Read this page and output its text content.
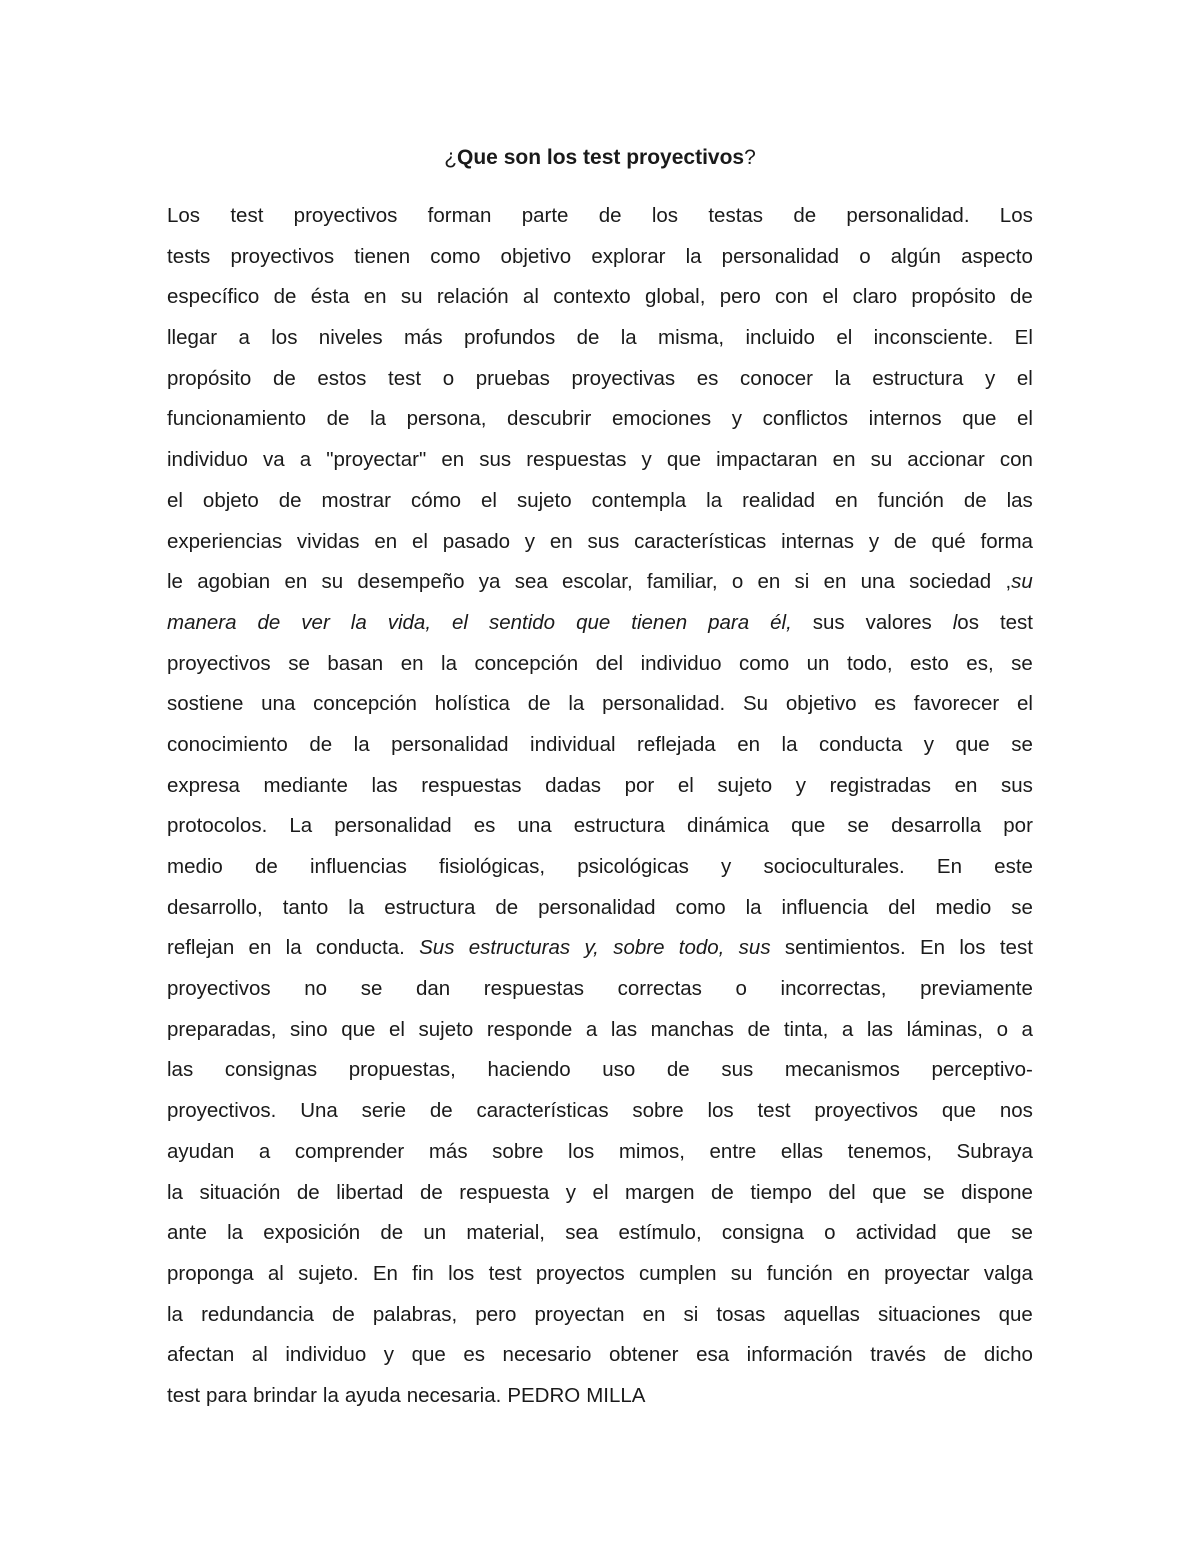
¿Que son los test proyectivos?
Los test proyectivos forman parte de los testas de personalidad. Los
tests proyectivos tienen como objetivo explorar la personalidad o algún aspecto
específico de ésta en su relación al contexto global, pero con el claro propósito de
llegar a los niveles más profundos de la misma, incluido el inconsciente. El
propósito de estos test o pruebas proyectivas es conocer la estructura y el
funcionamiento de la persona, descubrir emociones y conflictos internos que el
individuo va a "proyectar" en sus respuestas y que impactaran en su accionar con
el objeto de mostrar cómo el sujeto contempla la realidad en función de las
experiencias vividas en el pasado y en sus características internas y de qué forma
le agobian en su desempeño ya sea escolar, familiar, o en si en una sociedad ,su
manera de ver la vida, el sentido que tienen para él, sus valores los test
proyectivos se basan en la concepción del individuo como un todo, esto es, se
sostiene una concepción holística de la personalidad. Su objetivo es favorecer el
conocimiento de la personalidad individual reflejada en la conducta y que se
expresa mediante las respuestas dadas por el sujeto y registradas en sus
protocolos. La personalidad es una estructura dinámica que se desarrolla por
medio de influencias fisiológicas, psicológicas y socioculturales. En este
desarrollo, tanto la estructura de personalidad como la influencia del medio se
reflejan en la conducta. Sus estructuras y, sobre todo, sus sentimientos. En los test
proyectivos no se dan respuestas correctas o incorrectas, previamente
preparadas, sino que el sujeto responde a las manchas de tinta, a las láminas, o a
las consignas propuestas, haciendo uso de sus mecanismos perceptivo-
proyectivos. Una serie de características sobre los test proyectivos que nos
ayudan a comprender más sobre los mimos, entre ellas tenemos, Subraya
la situación de libertad de respuesta y el margen de tiempo del que se dispone
ante la exposición de un material, sea estímulo, consigna o actividad que se
proponga al sujeto. En fin los test proyectos cumplen su función en proyectar valga
la redundancia de palabras, pero proyectan en si tosas aquellas situaciones que
afectan al individuo y que es necesario obtener esa información través de dicho
test para brindar la ayuda necesaria. PEDRO MILLA
